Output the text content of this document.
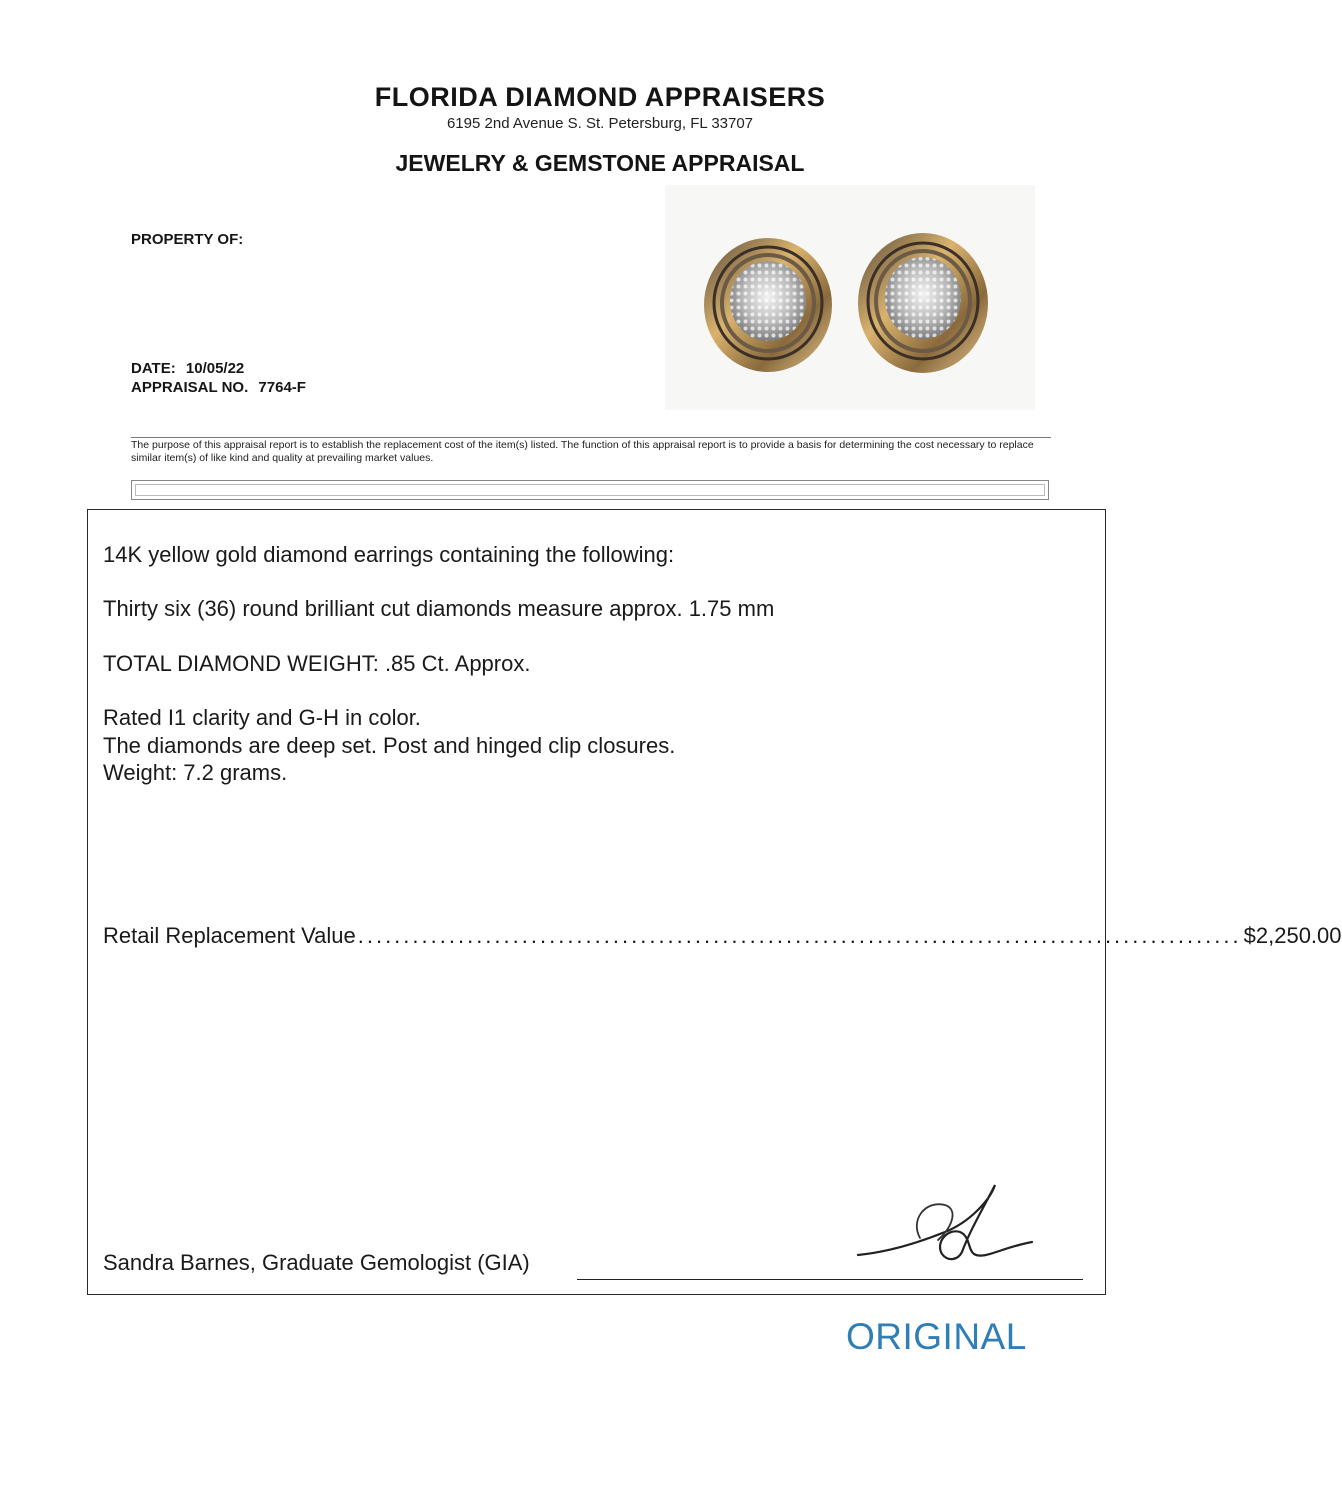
FLORIDA DIAMOND APPRAISERS
6195 2nd Avenue S. St. Petersburg, FL 33707
JEWELRY & GEMSTONE APPRAISAL
PROPERTY OF:
DATE: 10/05/22
APPRAISAL NO. 7764-F
The purpose of this appraisal report is to establish the replacement cost of the item(s) listed. The function of this appraisal report is to provide a basis for determining the cost necessary to replace similar item(s) of like kind and quality at prevailing market values.
14K yellow gold diamond earrings containing the following:
Thirty six (36) round brilliant cut diamonds measure approx. 1.75 mm
TOTAL DIAMOND WEIGHT: .85 Ct. Approx.
Rated I1 clarity and G-H in color.
The diamonds are deep set. Post and hinged clip closures.
Weight: 7.2 grams.
Retail Replacement Value ................................................................................................. $2,250.00
Sandra Barnes, Graduate Gemologist (GIA)
ORIGINAL
